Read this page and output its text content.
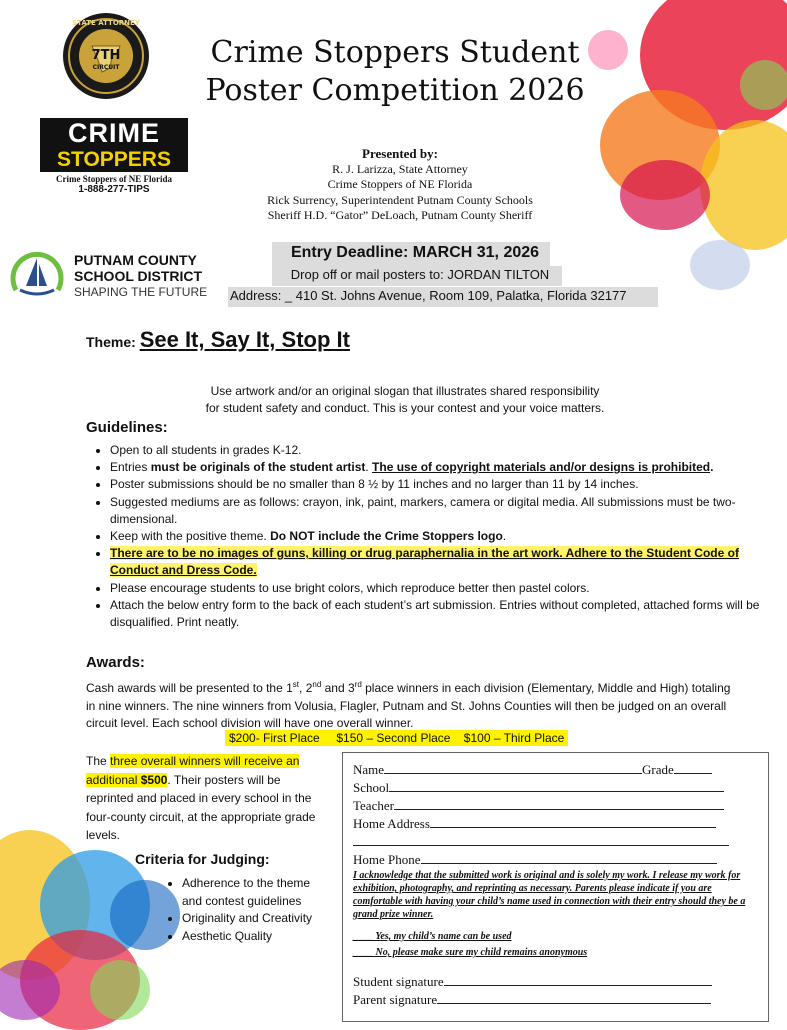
STATE ATTORNEY
7TH
CIRCUIT	Crime Stoppers Student
Poster Competition 2026
CRIME
STOPPERS
Crime Stoppers of NE Florida
1-888-277-TIPS
Presented by:
R. J. Larizza, State Attorney
Crime Stoppers of NE Florida
Rick Surrency, Superintendent Putnam County Schools
Sheriff H.D. “Gator” DeLoach, Putnam County Sheriff
PUTNAM COUNTY
SCHOOL DISTRICT
SHAPING THE FUTURE
Entry Deadline: MARCH 31, 2026
Drop off or mail posters to: JORDAN TILTON
Address: _ 410 St. Johns Avenue, Room 109, Palatka, Florida 32177
Theme: See It, Say It, Stop It
Use artwork and/or an original slogan that illustrates shared responsibility
for student safety and conduct. This is your contest and your voice matters.
Guidelines:
• Open to all students in grades K-12.
• Entries must be originals of the student artist. The use of copyright materials and/or designs is prohibited.
• Poster submissions should be no smaller than 8 ½ by 11 inches and no larger than 11 by 14 inches.
• Suggested mediums are as follows: crayon, ink, paint, markers, camera or digital media. All submissions must be two-dimensional.
• Keep with the positive theme. Do NOT include the Crime Stoppers logo.
• There are to be no images of guns, killing or drug paraphernalia in the art work. Adhere to the Student Code of Conduct and Dress Code.
• Please encourage students to use bright colors, which reproduce better then pastel colors.
• Attach the below entry form to the back of each student’s art submission. Entries without completed, attached forms will be disqualified. Print neatly.
Awards:
Cash awards will be presented to the 1st, 2nd and 3rd place winners in each division (Elementary, Middle and High) totaling in nine winners. The nine winners from Volusia, Flagler, Putnam and St. Johns Counties will then be judged on an overall circuit level. Each school division will have one overall winner.
$200- First Place     $150 – Second Place    $100 – Third Place
The three overall winners will receive an additional $500. Their posters will be reprinted and placed in every school in the four-county circuit, at the appropriate grade levels.
Criteria for Judging:
• Adherence to the theme
and contest guidelines
• Originality and Creativity
• Aesthetic Quality
Name	Grade
School
Teacher
Home Address
Home Phone
I acknowledge that the submitted work is original and is solely my work. I release my work for exhibition, photography, and reprinting as necessary. Parents please indicate if you are comfortable with having your child’s name used in connection with their entry should they be a grand prize winner.
____ Yes, my child’s name can be used
____ No, please make sure my child remains anonymous
Student signature
Parent signature
